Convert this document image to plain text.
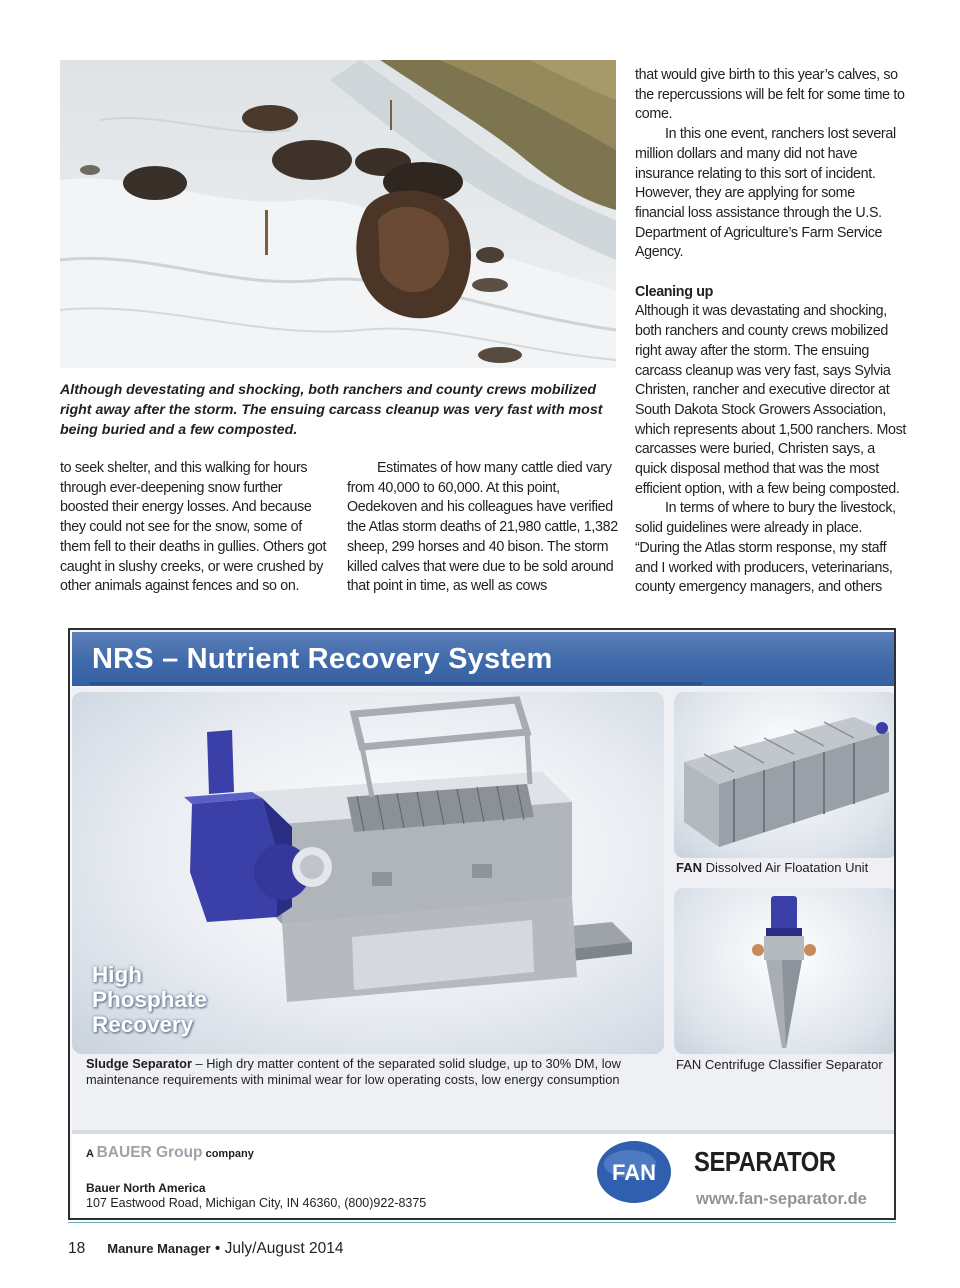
Although devestating and shocking, both ranchers and county crews mobilized right away after the storm. The ensuing carcass cleanup was very fast with most being buried and a few composted.

to seek shelter, and this walking for hours through ever-deepening snow further boosted their energy losses. And because they could not see for the snow, some of them fell to their deaths in gullies. Others got caught in slushy creeks, or were crushed by other animals against fences and so on.

Estimates of how many cattle died vary from 40,000 to 60,000. At this point, Oedekoven and his colleagues have verified the Atlas storm deaths of 21,980 cattle, 1,382 sheep, 299 horses and 40 bison. The storm killed calves that were due to be sold around that point in time, as well as cows

that would give birth to this year’s calves, so the repercussions will be felt for some time to come.

In this one event, ranchers lost several million dollars and many did not have insurance relating to this sort of incident. However, they are applying for some financial loss assistance through the U.S. Department of Agriculture’s Farm Service Agency.

Cleaning up

Although it was devastating and shocking, both ranchers and county crews mobilized right away after the storm. The ensuing carcass cleanup was very fast, says Sylvia Christen, rancher and executive director at South Dakota Stock Growers Association, which represents about 1,500 ranchers. Most carcasses were buried, Christen says, a quick disposal method that was the most efficient option, with a few being composted.

In terms of where to bury the livestock, solid guidelines were already in place. “During the Atlas storm response, my staff and I worked with producers, veterinarians, county emergency managers, and others

NRS – Nutrient Recovery System
High
Phosphate
Recovery
FAN Dissolved Air Floatation Unit
FAN Centrifuge Classifier Separator
Sludge Separator – High dry matter content of the separated solid sludge, up to 30% DM, low maintenance requirements with minimal wear for low operating costs, low energy consumption
A BAUER Group company
Bauer North America
107 Eastwood Road, Michigan City, IN 46360, (800)922-8375
FAN SEPARATOR
www.fan-separator.de
18 Manure Manager • July/August 2014
